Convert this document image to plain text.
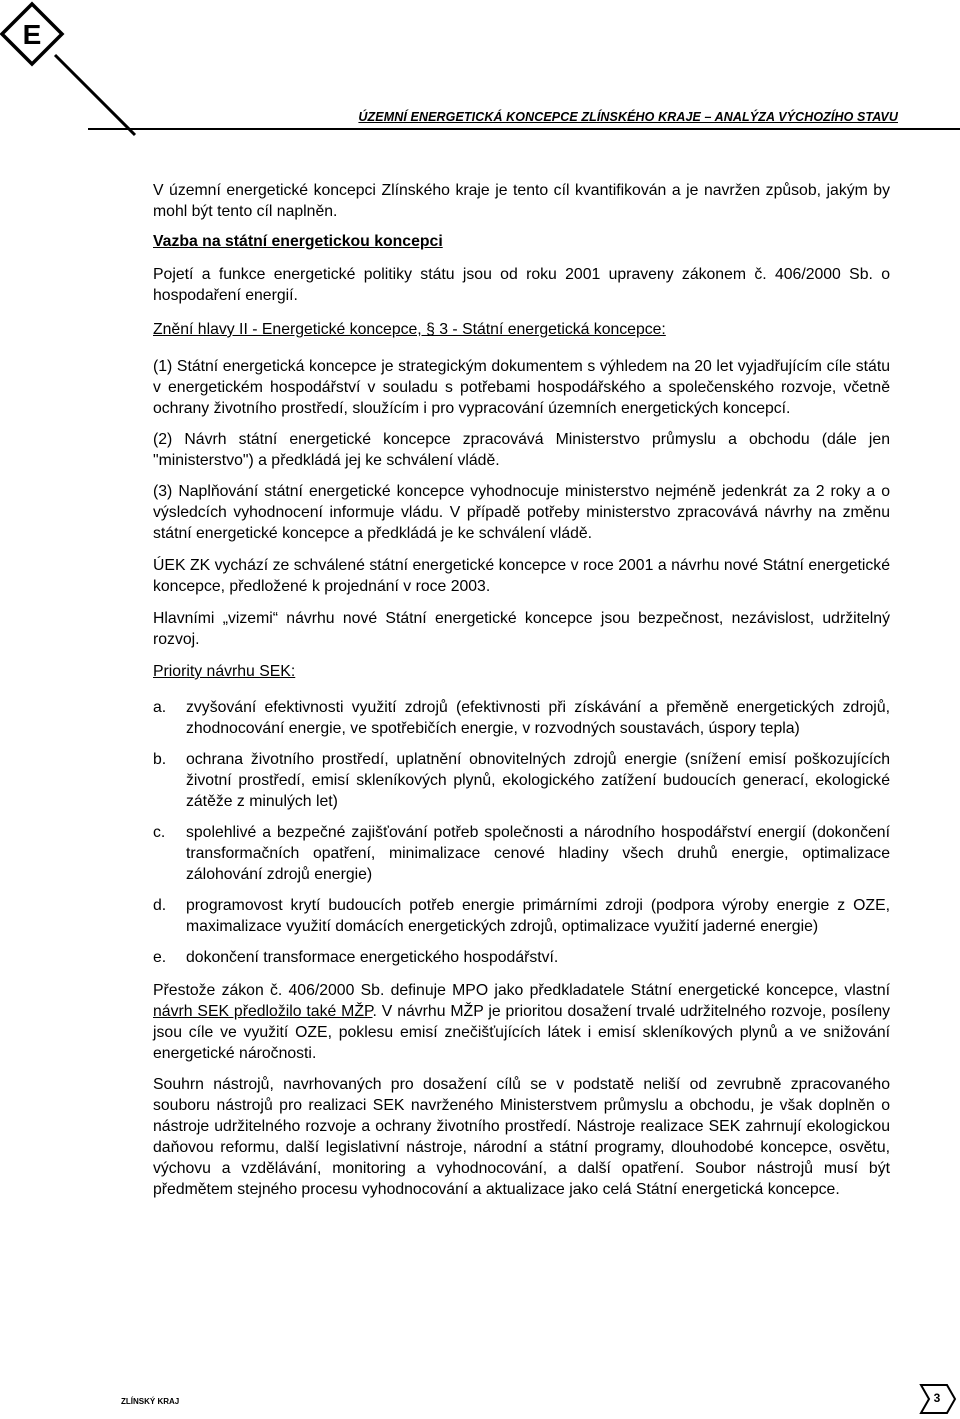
E
ÚZEMNÍ ENERGETICKÁ KONCEPCE ZLÍNSKÉHO KRAJE – ANALÝZA VÝCHOZÍHO STAVU

V územní energetické koncepci Zlínského kraje je tento cíl kvantifikován a je navržen způsob, jakým by mohl být tento cíl naplněn.

Vazba na státní energetickou koncepci

Pojetí a funkce energetické politiky státu jsou od roku 2001 upraveny zákonem č. 406/2000 Sb. o hospodaření energií.

Znění hlavy II - Energetické koncepce, § 3 - Státní energetická koncepce:

(1) Státní energetická koncepce je strategickým dokumentem s výhledem na 20 let vyjadřujícím cíle státu v energetickém hospodářství v souladu s potřebami hospodářského a společenského rozvoje, včetně ochrany životního prostředí, sloužícím i pro vypracování územních energetických koncepcí.

(2) Návrh státní energetické koncepce zpracovává Ministerstvo průmyslu a obchodu (dále jen "ministerstvo") a předkládá jej ke schválení vládě.

(3) Naplňování státní energetické koncepce vyhodnocuje ministerstvo nejméně jedenkrát za 2 roky a o výsledcích vyhodnocení informuje vládu. V případě potřeby ministerstvo zpracovává návrhy na změnu státní energetické koncepce a předkládá je ke schválení vládě.

ÚEK ZK vychází ze schválené státní energetické koncepce v roce 2001 a návrhu nové Státní energetické koncepce, předložené k projednání v roce 2003.

Hlavními „vizemi“ návrhu nové Státní energetické koncepce jsou bezpečnost, nezávislost, udržitelný rozvoj.

Priority návrhu SEK:

a. zvyšování efektivnosti využití zdrojů (efektivnosti při získávání a přeměně energetických zdrojů, zhodnocování energie, ve spotřebičích energie, v rozvodných soustavách, úspory tepla)
b. ochrana životního prostředí, uplatnění obnovitelných zdrojů energie (snížení emisí poškozujících životní prostředí, emisí skleníkových plynů, ekologického zatížení budoucích generací, ekologické zátěže z minulých let)
c. spolehlivé a bezpečné zajišťování potřeb společnosti a národního hospodářství energií (dokončení transformačních opatření, minimalizace cenové hladiny všech druhů energie, optimalizace zálohování zdrojů energie)
d. programovost krytí budoucích potřeb energie primárními zdroji (podpora výroby energie z OZE, maximalizace využití domácích energetických zdrojů, optimalizace využití jaderné energie)
e. dokončení transformace energetického hospodářství.

Přestože zákon č. 406/2000 Sb. definuje MPO jako předkladatele Státní energetické koncepce, vlastní návrh SEK předložilo také MŽP. V návrhu MŽP je prioritou dosažení trvalé udržitelného rozvoje, posíleny jsou cíle ve využití OZE, poklesu emisí znečišťujících látek i emisí skleníkových plynů a ve snižování energetické náročnosti.

Souhrn nástrojů, navrhovaných pro dosažení cílů se v podstatě neliší od zevrubně zpracovaného souboru nástrojů pro realizaci SEK navrženého Ministerstvem průmyslu a obchodu, je však doplněn o nástroje udržitelného rozvoje a ochrany životního prostředí. Nástroje realizace SEK zahrnují ekologickou daňovou reformu, další legislativní nástroje, národní a státní programy, dlouhodobé koncepce, osvětu, výchovu a vzdělávání, monitoring a vyhodnocování, a další opatření. Soubor nástrojů musí být předmětem stejného procesu vyhodnocování a aktualizace jako celá Státní energetická koncepce.

ZLÍNSKÝ KRAJ	3
